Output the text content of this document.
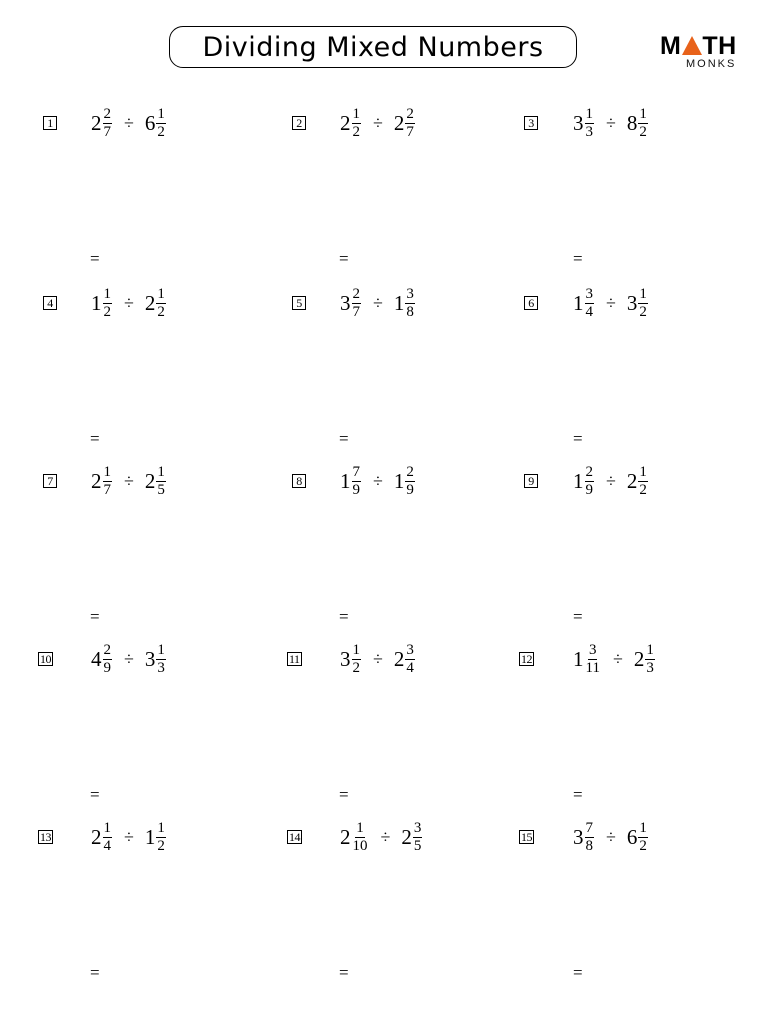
Dividing Mixed Numbers	M TH
MONKS
1 $2 \frac{2}{7} \div 6 \frac{1}{2}$
=
2 $2 \frac{1}{2} \div 2 \frac{2}{7}$
=
3 $3 \frac{1}{3} \div 8 \frac{1}{2}$
=
4 $1 \frac{1}{2} \div 2 \frac{1}{2}$
=
5 $3 \frac{2}{7} \div 1 \frac{3}{8}$
=
6 $1 \frac{3}{4} \div 3 \frac{1}{2}$
=
7 $2 \frac{1}{7} \div 2 \frac{1}{5}$
=
8 $1 \frac{7}{9} \div 1 \frac{2}{9}$
=
9 $1 \frac{2}{9} \div 2 \frac{1}{2}$
=
10 $4 \frac{2}{9} \div 3 \frac{1}{3}$
=
11 $3 \frac{1}{2} \div 2 \frac{3}{4}$
=
12 $1 \frac{3}{11} \div 2 \frac{1}{3}$
=
13 $2 \frac{1}{4} \div 1 \frac{1}{2}$
=
14 $2 \frac{1}{10} \div 2 \frac{3}{5}$
=
15 $3 \frac{7}{8} \div 6 \frac{1}{2}$
=
